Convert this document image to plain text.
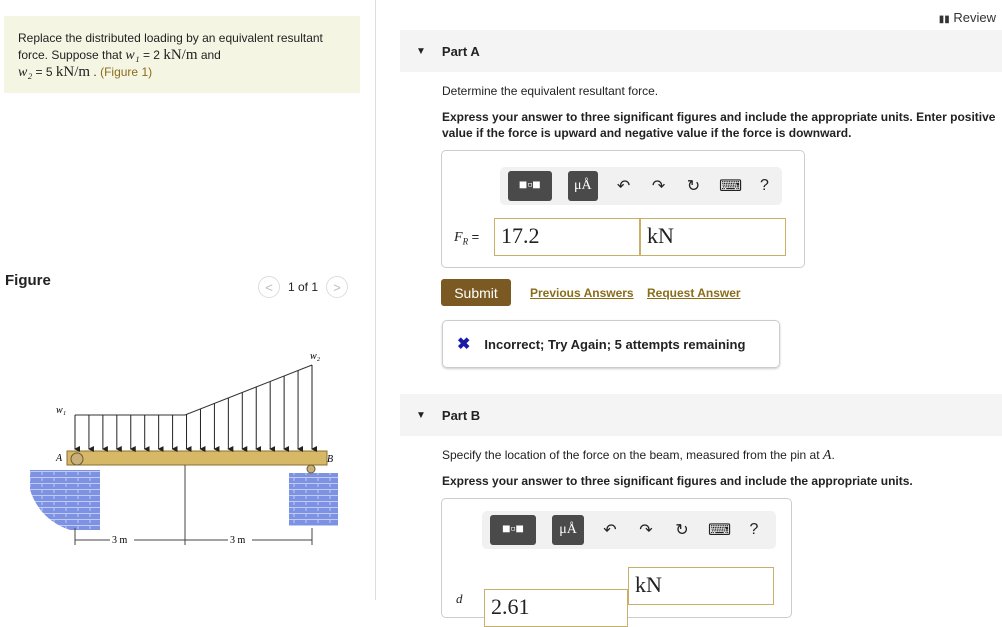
Replace the distributed loading by an equivalent resultant
force. Suppose that w₁ = 2 kN/m and
w₂ = 5 kN/m . (Figure 1)
Figure	<	1 of 1	>
w₁
w₂
A	B
3 m	3 m
▮▮ Review
▼ Part A
Determine the equivalent resultant force.
Express your answer to three significant figures and include the appropriate units. Enter positive value if the force is upward and negative value if the force is downward.
■▫■	μÅ	↶ ↷ ↻ ⌨	?
$F_R = 17.2$	kN
Submit	Previous Answers Request Answer
✖ Incorrect; Try Again; 5 attempts remaining
▼ Part B
Specify the location of the force on the beam, measured from the pin at A.
Express your answer to three significant figures and include the appropriate units.
■▫■	μÅ	↶ ↷ ↻ ⌨	?
d	2.61
kN
